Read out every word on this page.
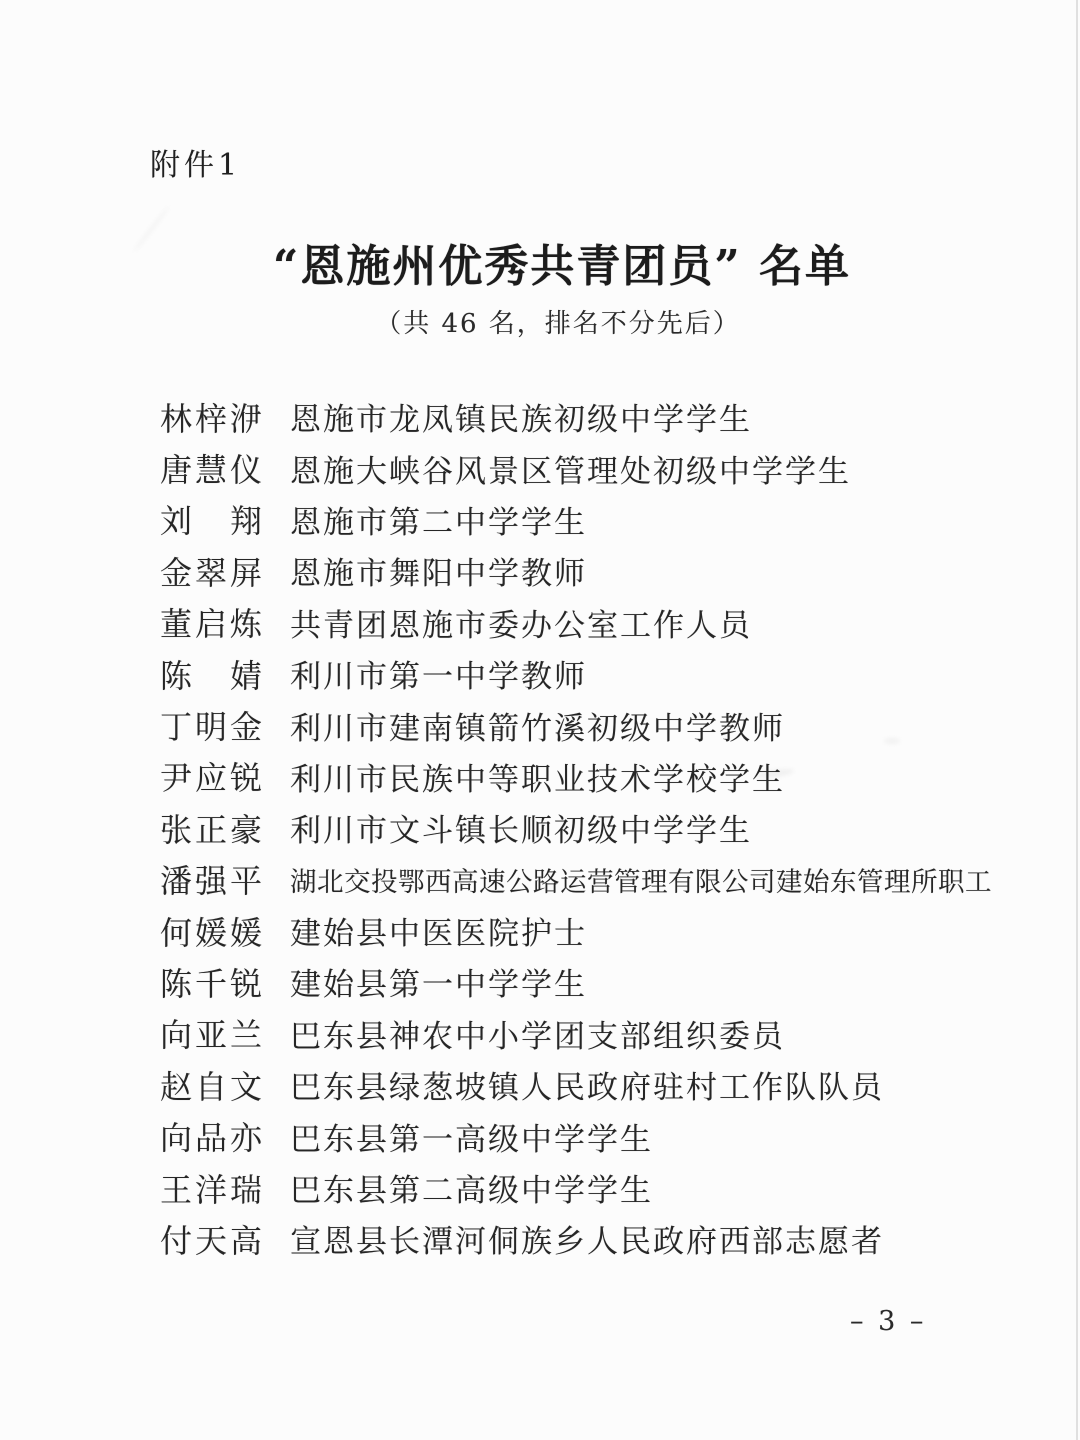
附件1
“恩施州优秀共青团员” 名单
（共 46 名，排名不分先后）
林梓洢 恩施市龙凤镇民族初级中学学生
唐慧仪 恩施大峡谷风景区管理处初级中学学生
刘　翔 恩施市第二中学学生
金翠屏 恩施市舞阳中学教师
董启炼 共青团恩施市委办公室工作人员
陈　婧 利川市第一中学教师
丁明金 利川市建南镇箭竹溪初级中学教师
尹应锐 利川市民族中等职业技术学校学生
张正豪 利川市文斗镇长顺初级中学学生
潘强平 湖北交投鄂西高速公路运营管理有限公司建始东管理所职工
何媛媛 建始县中医医院护士
陈千锐 建始县第一中学学生
向亚兰 巴东县神农中小学团支部组织委员
赵自文 巴东县绿葱坡镇人民政府驻村工作队队员
向品亦 巴东县第一高级中学学生
王洋瑞 巴东县第二高级中学学生
付天高 宣恩县长潭河侗族乡人民政府西部志愿者
– 3 –
